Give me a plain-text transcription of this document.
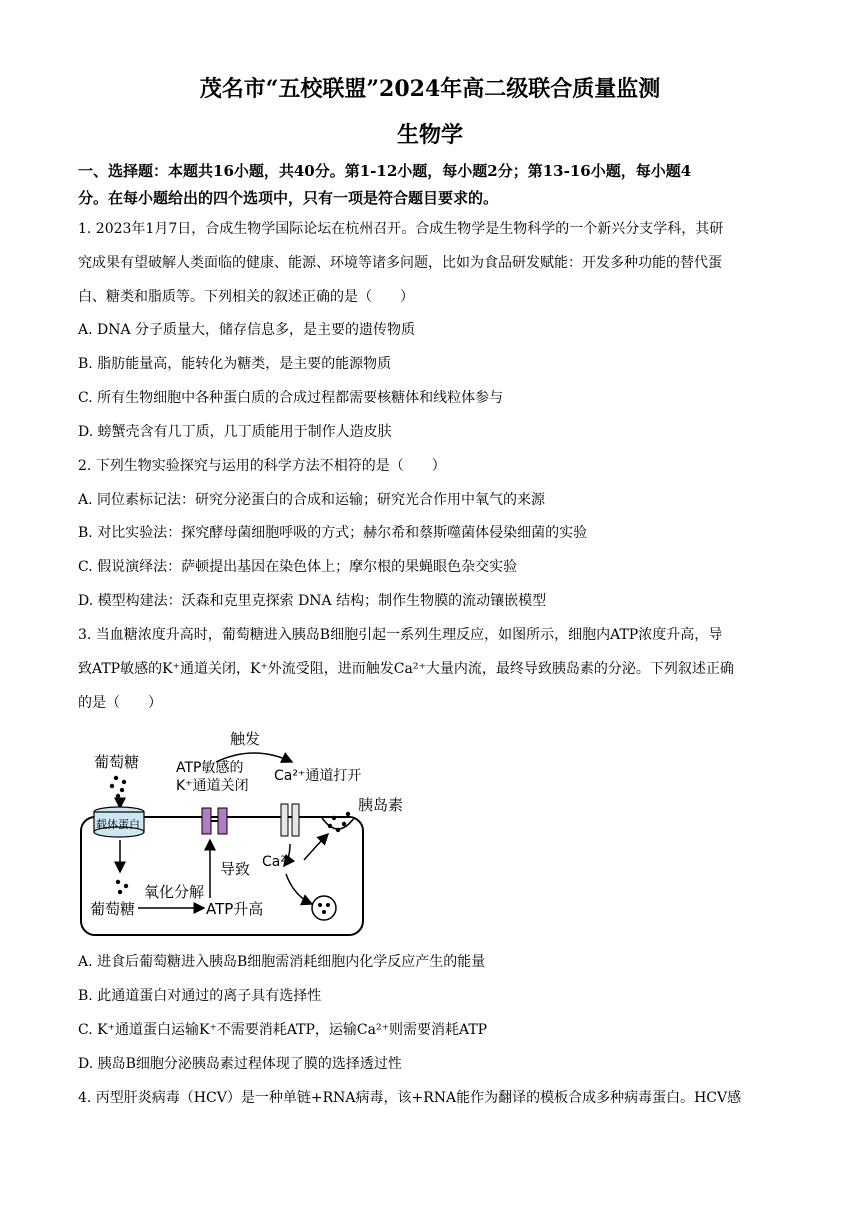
茂名市“五校联盟”2024年高二级联合质量监测
生物学
一、选择题：本题共16小题，共40分。第1-12小题，每小题2分；第13-16小题，每小题4
分。在每小题给出的四个选项中，只有一项是符合题目要求的。
1. 2023年1月7日，合成生物学国际论坛在杭州召开。合成生物学是生物科学的一个新兴分支学科，其研
究成果有望破解人类面临的健康、能源、环境等诸多问题，比如为食品研发赋能：开发多种功能的替代蛋
白、糖类和脂质等。下列相关的叙述正确的是（　　）
A. DNA 分子质量大，储存信息多，是主要的遗传物质
B. 脂肪能量高，能转化为糖类，是主要的能源物质
C. 所有生物细胞中各种蛋白质的合成过程都需要核糖体和线粒体参与
D. 螃蟹壳含有几丁质，几丁质能用于制作人造皮肤
2. 下列生物实验探究与运用的科学方法不相符的是（　　）
A. 同位素标记法：研究分泌蛋白的合成和运输；研究光合作用中氧气的来源
B. 对比实验法：探究酵母菌细胞呼吸的方式；赫尔希和蔡斯噬菌体侵染细菌的实验
C. 假说演绎法：萨顿提出基因在染色体上；摩尔根的果蝇眼色杂交实验
D. 模型构建法：沃森和克里克探索 DNA 结构；制作生物膜的流动镶嵌模型
3. 当血糖浓度升高时，葡萄糖进入胰岛B细胞引起一系列生理反应，如图所示，细胞内ATP浓度升高，导
致ATP敏感的K⁺通道关闭，K⁺外流受阻，进而触发Ca²⁺大量内流，最终导致胰岛素的分泌。下列叙述正确
的是（　　）
葡萄糖
载体蛋白
葡萄糖
氧化分解
ATP升高
导致
ATP敏感的
K⁺通道关闭
触发
Ca²⁺通道打开
Ca²⁺
胰岛素
A. 进食后葡萄糖进入胰岛B细胞需消耗细胞内化学反应产生的能量
B. 此通道蛋白对通过的离子具有选择性
C. K⁺通道蛋白运输K⁺不需要消耗ATP，运输Ca²⁺则需要消耗ATP
D. 胰岛B细胞分泌胰岛素过程体现了膜的选择透过性
4. 丙型肝炎病毒（HCV）是一种单链+RNA病毒，该+RNA能作为翻译的模板合成多种病毒蛋白。HCV感
